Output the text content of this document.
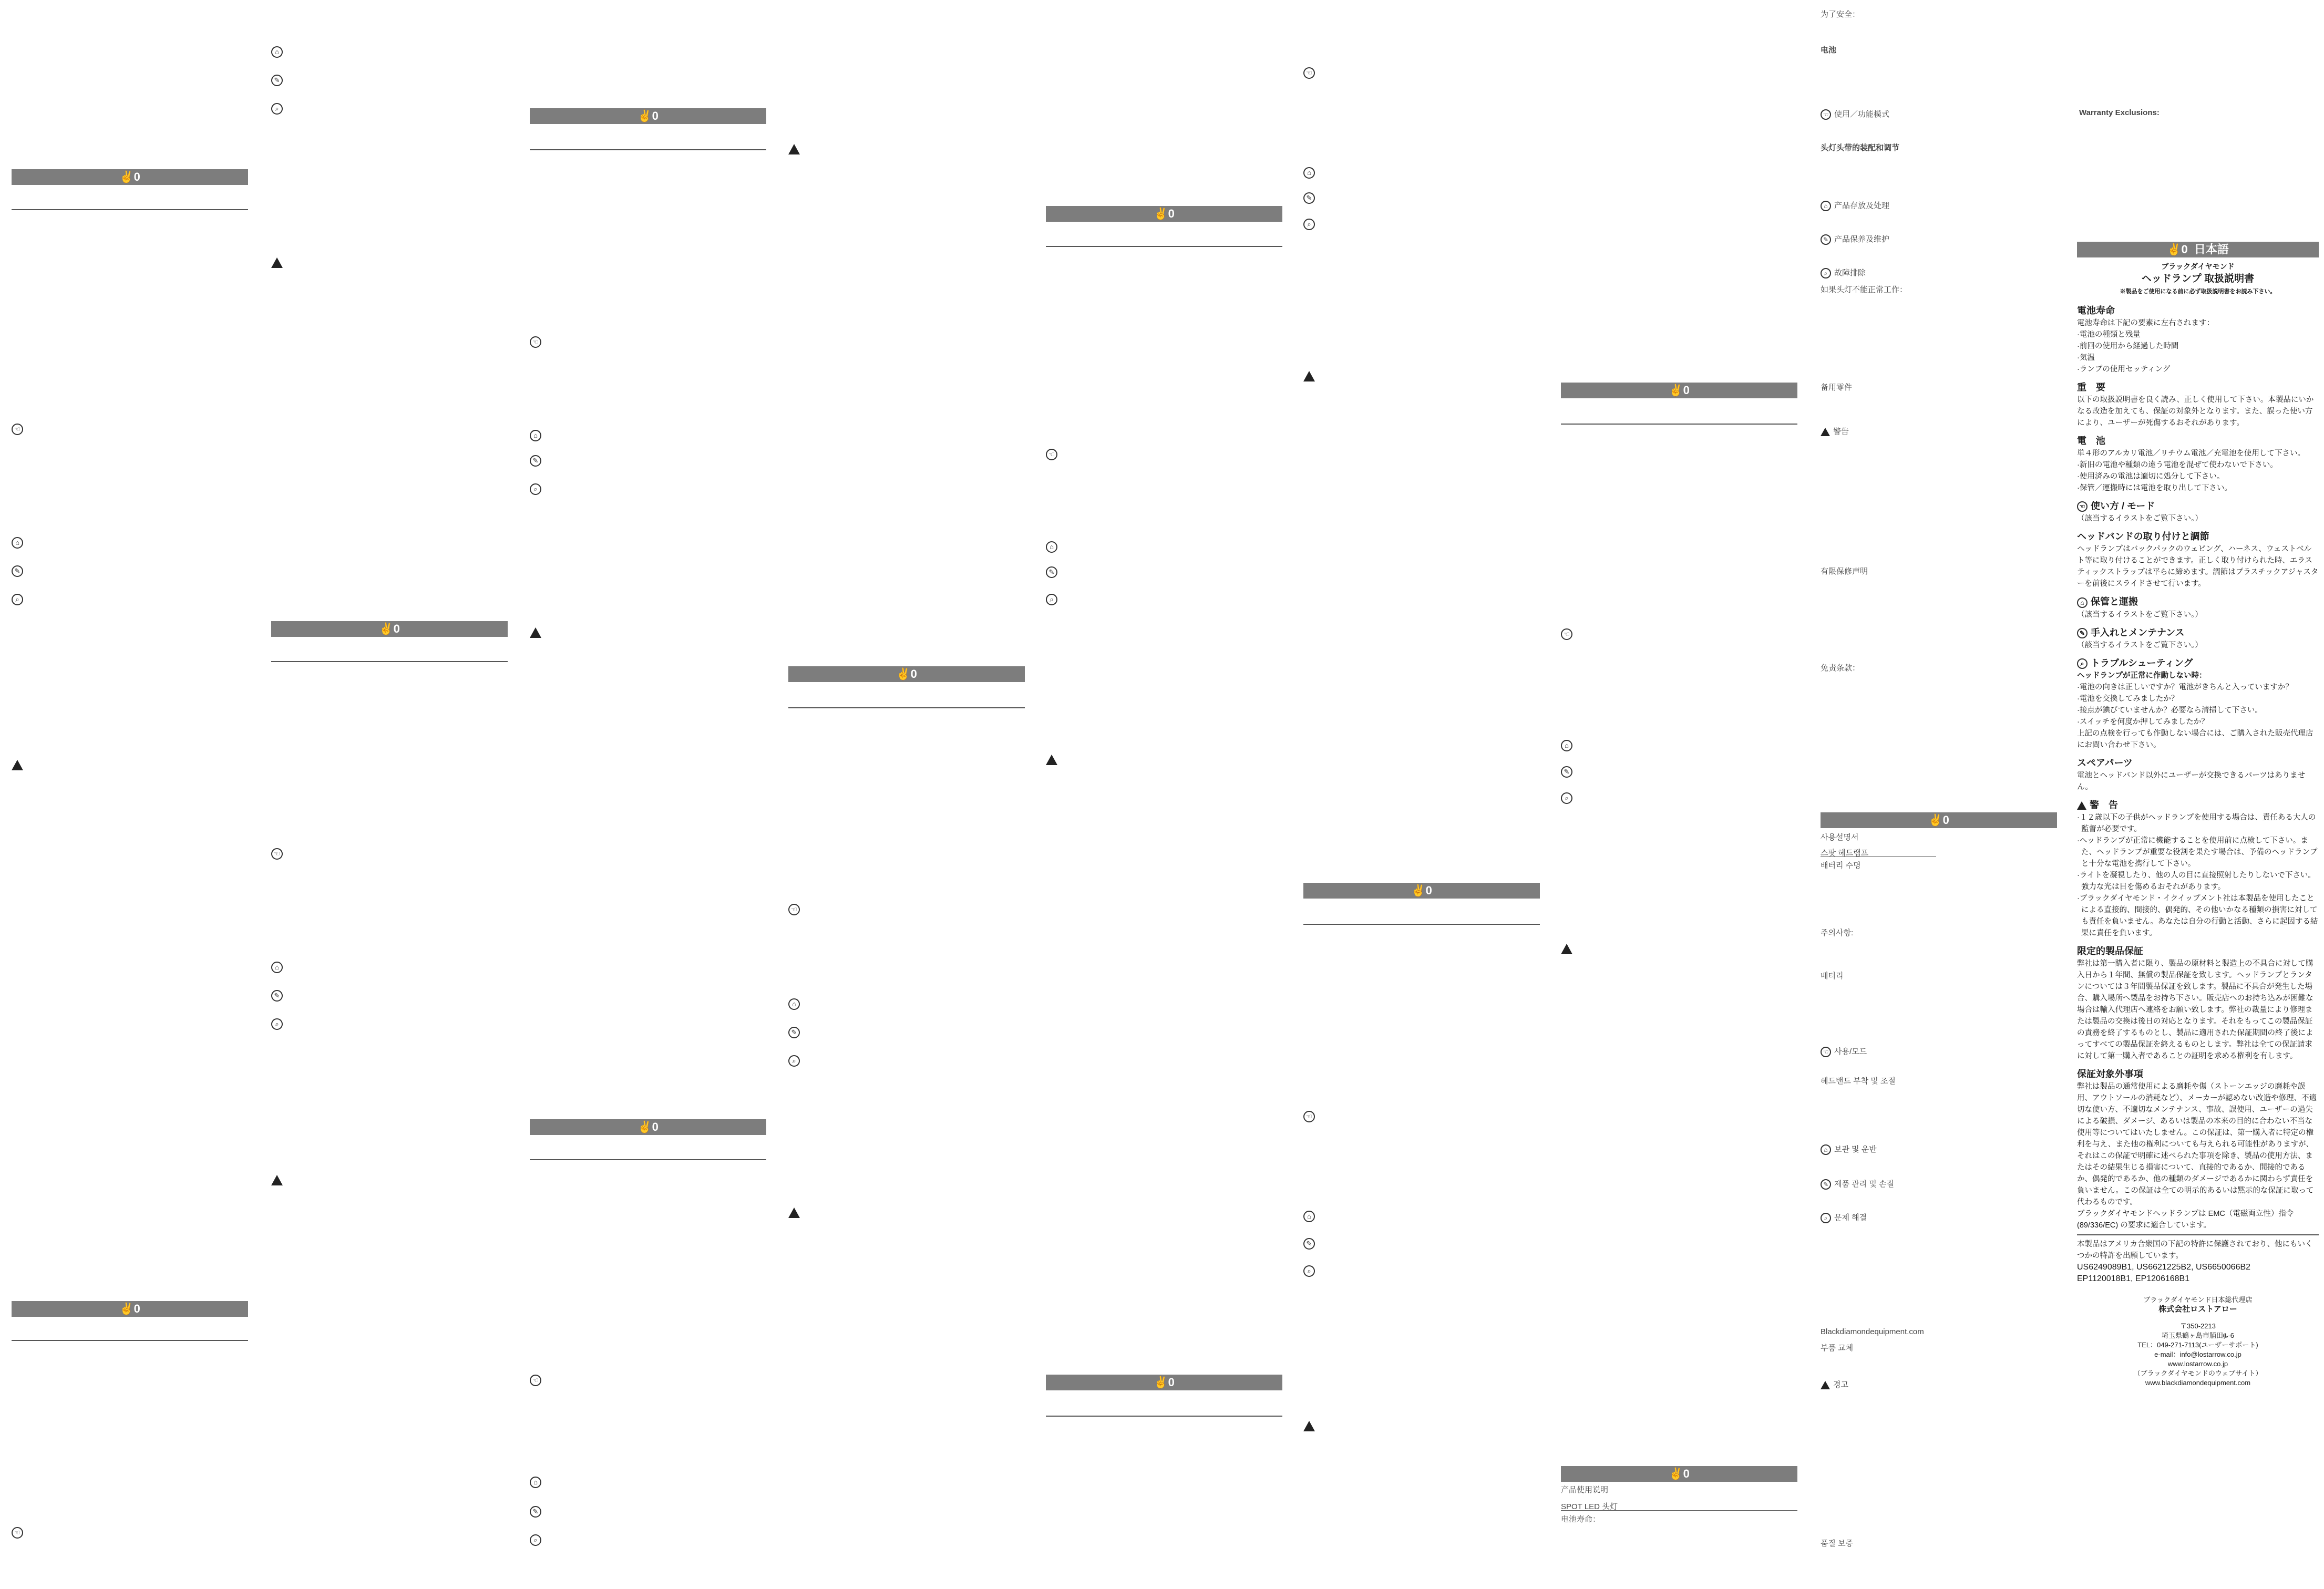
✌0
☜
⌂
✎
⌕
✌0
☜
⌂
✎
⌕
✌0
☜
⌂
✎
⌕
✌0
☜
⌂
✎
⌕
✌0
☜
⌂
✎
⌕
✌0
☜
⌂
✎
⌕
✌0
☜
⌂
✎
⌕
✌0
☜
⌂
✎
⌕
✌0
☜
⌂
✎
⌕
✌0
☜
⌂
✎
⌕
✌0
产品使用说明
SPOT LED 头灯
电池寿命：
为了安全：
电池
☜ 使用／功能模式
头灯头带的装配和调节
⌂ 产品存放及处理
✎ 产品保养及维护
⌕ 故障排除
如果头灯不能正常工作：
备用零件
警告
有限保修声明
免责条款：
✌0
사용설명서
스팟 헤드램프
배터리 수명
주의사항:
배터리
☜ 사용/모드
헤드밴드 부착 및 조절
⌂ 보관 및 운반
✎ 제품 관리 및 손질
⌕ 문제 해결
Blackdiamondequipment.com
부품 교체
경고
품질 보증
Warranty Exclusions:
✌0 日本語
ブラックダイヤモンド
ヘッドランプ 取扱説明書
※製品をご使用になる前に必ず取扱説明書をお読み下さい。
電池寿命

電池寿命は下記の要素に左右されます：

·電池の種類と残量

·前回の使用から経過した時間

·気温

·ランプの使用セッティング

重　要

以下の取扱説明書を良く読み、正しく使用して下さい。本製品にいかなる改造を加えても、保証の対象外となります。また、誤った使い方により、ユーザーが死傷するおそれがあります。

電　池

単４形のアルカリ電池／リチウム電池／充電池を使用して下さい。

·新旧の電池や種類の違う電池を混ぜて使わないで下さい。

·使用済みの電池は適切に処分して下さい。

·保管／運搬時には電池を取り出して下さい。

☜ 使い方 / モード

（該当するイラストをご覧下さい。）

ヘッドバンドの取り付けと調節

ヘッドランプはバックパックのウェビング、ハーネス、ウェストベルト等に取り付けることができます。正しく取り付けられた時、エラスティックストラップは平らに締めます。調節はプラスチックアジャスターを前後にスライドさせて行います。

⌂ 保管と運搬

（該当するイラストをご覧下さい。）

✎ 手入れとメンテナンス

（該当するイラストをご覧下さい。）

⌕ トラブルシューティング
ヘッドランプが正常に作動しない時：

·電池の向きは正しいですか？電池がきちんと入っていますか？

·電池を交換してみましたか？

·接点が錪びていませんか？必要なら清掃して下さい。

·スイッチを何度か押してみましたか？

上記の点検を行っても作動しない場合には、ご購入された販売代理店にお問い合わせ下さい。

スペアパーツ

電池とヘッドバンド以外にユーザーが交換できるパーツはありません。

警　告

·１２歳以下の子供がヘッドランプを使用する場合は、責任ある大人の監督が必要です。

·ヘッドランプが正常に機能することを使用前に点検して下さい。また、ヘッドランプが重要な役割を果たす場合は、予備のヘッドランプと十分な電池を携行して下さい。

·ライトを凝視したり、他の人の目に直接照射したりしないで下さい。強力な光は目を傷めるおそれがあります。

·ブラックダイヤモンド・イクイップメント社は本製品を使用したことによる直接的、間接的、偶発的、その他いかなる種類の損害に対しても責任を負いません。あなたは自分の行動と活動、さらに起因する結果に責任を負います。

限定的製品保証

弊社は第一購入者に限り、製品の原材料と製造上の不具合に対して購入日から１年間、無償の製品保証を致します。ヘッドランプとランタンについては３年間製品保証を致します。製品に不具合が発生した場合、購入場所へ製品をお持ち下さい。販売店へのお持ち込みが困難な場合は輸入代理店へ連絡をお願い致します。弊社の裁量により修理または製品の交換は後日の対応となります。それをもってこの製品保証の責務を終了するものとし、製品に適用された保証期間の終了後によってすべての製品保証を終えるものとします。弊社は全ての保証請求に対して第一購入者であることの証明を求める権利を有します。

保証対象外事項

弊社は製品の通常使用による磨耗や傷（ストーンエッジの磨耗や誤用、アウトソールの消耗など）、メーカーが認めない改造や修理、不適切な使い方、不適切なメンテナンス、事故、誤使用、ユーザーの過失による破損、ダメージ、あるいは製品の本来の目的に合わない不当な使用等についてはいたしません。この保証は、第一購入者に特定の権利を与え、また他の権利についても与えられる可能性がありますが、それはこの保証で明確に述べられた事項を除き、製品の使用方法、またはその結果生じる損害について、直接的であるか、間接的であるか、偶発的であるか、他の種類のダメージであるかに関わらず責任を負いません。この保証は全ての明示的あるいは黙示的な保証に取って代わるものです。

ブラックダイヤモンドヘッドランプは EMC（電磁両立性）指令 (89/336/EC) の要求に適合しています。

本製品はアメリカ合衆国の下記の特許に保護されており、他にもいくつかの特許を出願しています。

US6249089B1, US6621225B2, US6650066B2
EP1120018B1, EP1206168B1

ブラックダイヤモンド日本総代理店
株式会社ロストアロー
〒350-2213
埼玉県鶴ヶ島市脯田ᎆ-6
TEL：049-271-7113(ユーザーサポート)
e-mail：info@lostarrow.co.jp
www.lostarrow.co.jp
（ブラックダイヤモンドのウェブサイト）
www.blackdiamondequipment.com
